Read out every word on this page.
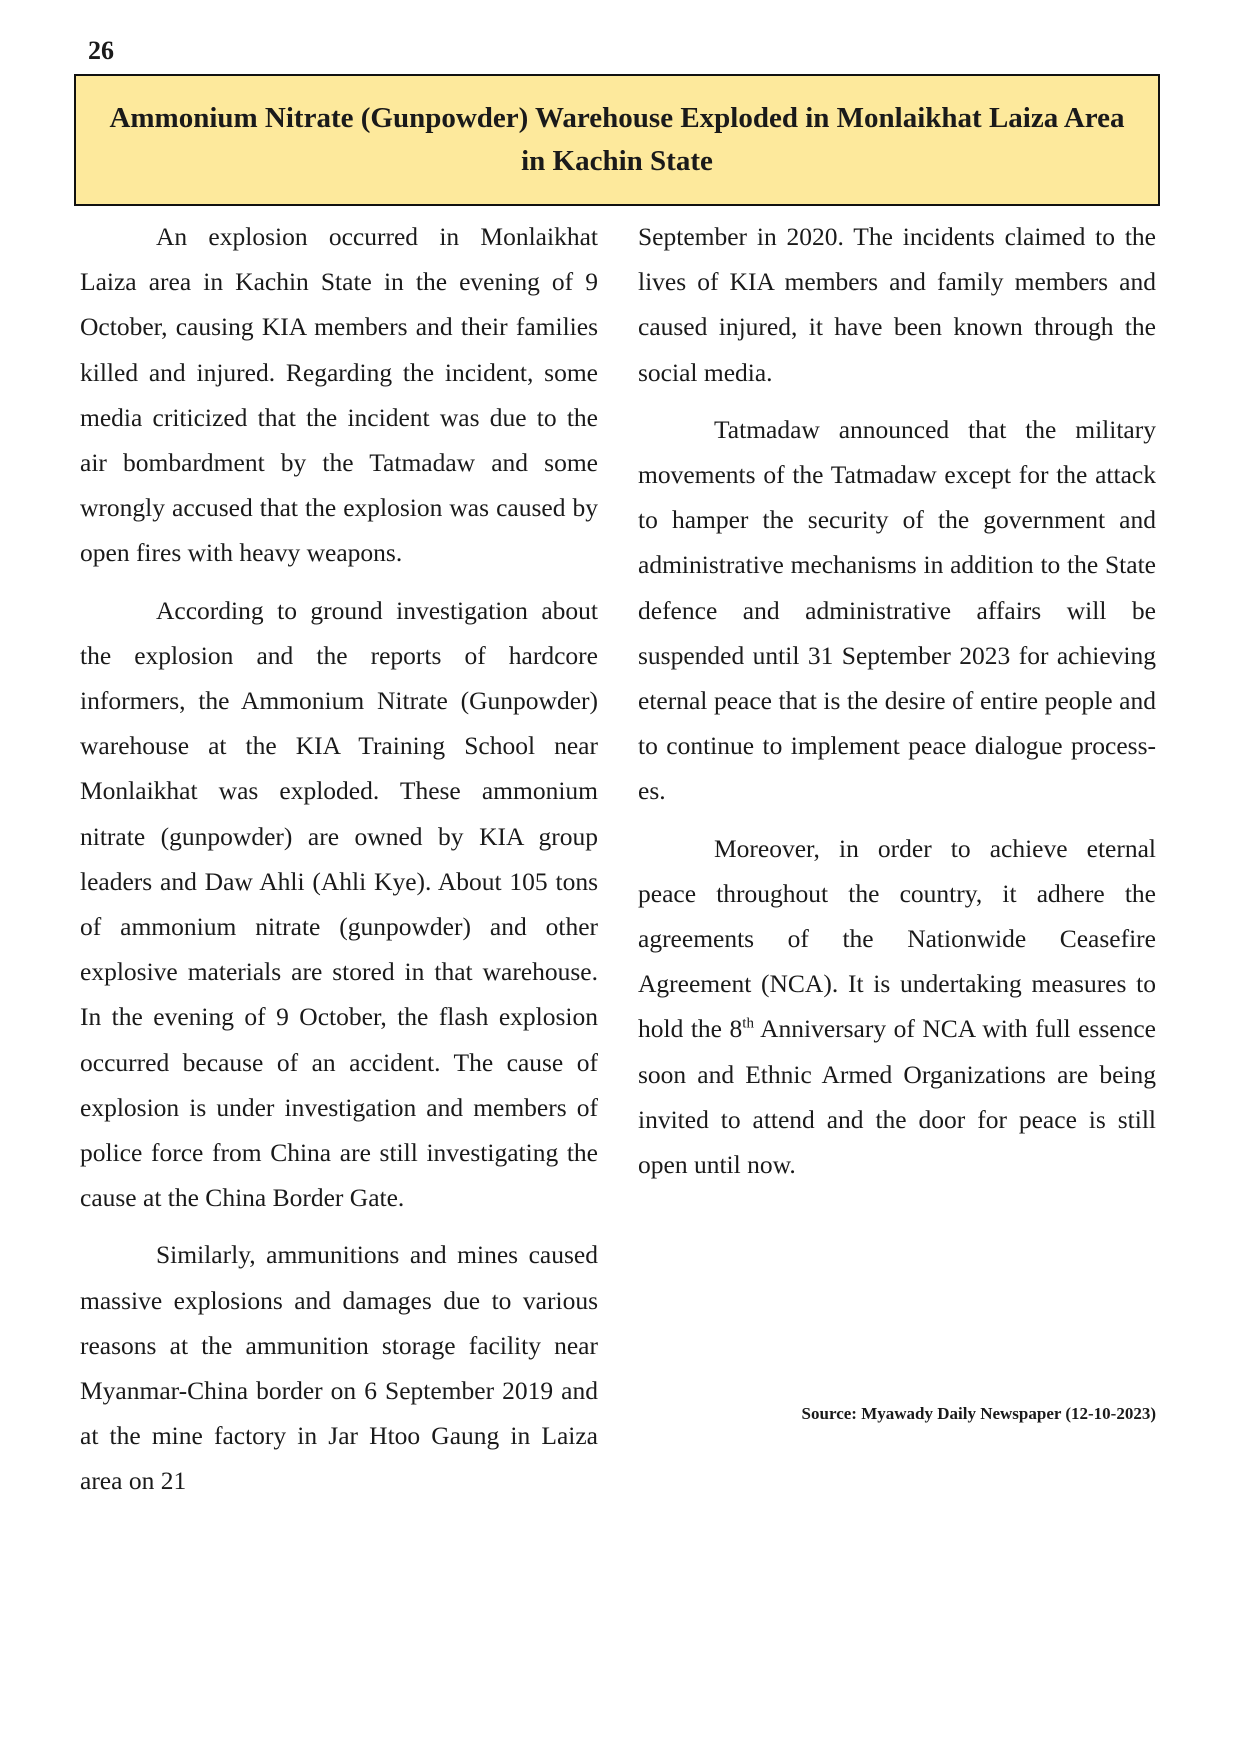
26
Ammonium Nitrate (Gunpowder) Warehouse Exploded in Monlaikhat Laiza Area in Kachin State

An explosion occurred in Monlaikhat Laiza area in Kachin State in the evening of 9 October, causing KIA members and their families killed and injured. Regarding the incident, some media criticized that the incident was due to the air bombardment by the Tatmadaw and some wrongly accused that the explosion was caused by open fires with heavy weapons.

According to ground investigation about the explosion and the reports of hardcore informers, the Ammonium Nitrate (Gunpowder) warehouse at the KIA Training School near Monlaikhat was exploded. These ammonium nitrate (gunpowder) are owned by KIA group leaders and Daw Ahli (Ahli Kye). About 105 tons of ammonium nitrate (gunpowder) and other explosive materials are stored in that warehouse. In the evening of 9 October, the flash explosion occurred because of an accident. The cause of explosion is under investigation and members of police force from China are still investigating the cause at the China Border Gate.

Similarly, ammunitions and mines caused massive explosions and damages due to various reasons at the ammunition storage facility near Myanmar-China border on 6 September 2019 and at the mine factory in Jar Htoo Gaung in Laiza area on 21

September in 2020. The incidents claimed to the lives of KIA members and family members and caused injured, it have been known through the social media.

Tatmadaw announced that the military movements of the Tatmadaw except for the attack to hamper the security of the government and administrative mechanisms in addition to the State defence and administrative affairs will be suspended until 31 September 2023 for achieving eternal peace that is the desire of entire people and to continue to implement peace dialogue processes.

Moreover, in order to achieve eternal peace throughout the country, it adhere the agreements of the Nationwide Ceasefire Agreement (NCA). It is undertaking measures to hold the 8th Anniversary of NCA with full essence soon and Ethnic Armed Organizations are being invited to attend and the door for peace is still open until now.

Source: Myawady Daily Newspaper (12-10-2023)
